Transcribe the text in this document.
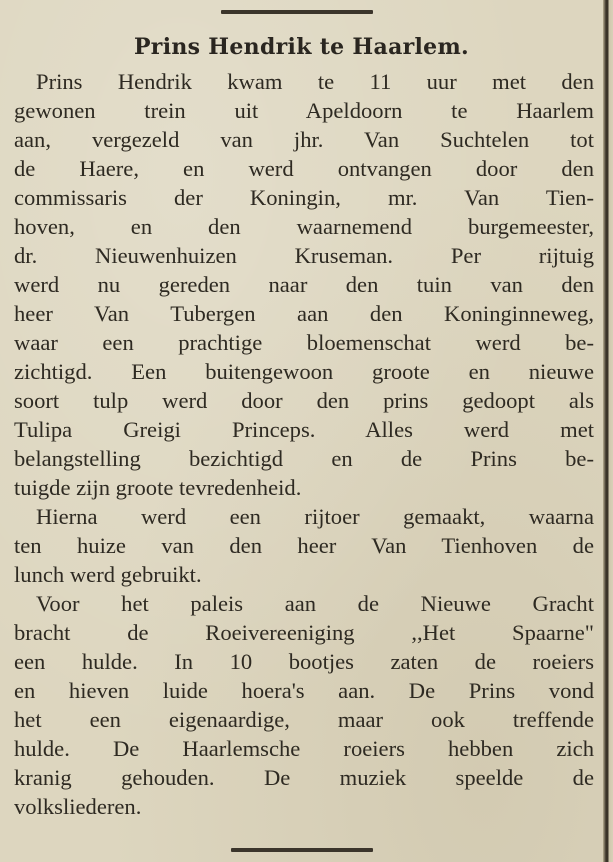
Prins Hendrik te Haarlem.
Prins Hendrik kwam te 11 uur met den
gewonen trein uit Apeldoorn te Haarlem
aan, vergezeld van jhr. Van Suchtelen tot
de Haere, en werd ontvangen door den
commissaris der Koningin, mr. Van Tien-
hoven, en den waarnemend burgemeester,
dr. Nieuwenhuizen Kruseman. Per rijtuig
werd nu gereden naar den tuin van den
heer Van Tubergen aan den Koninginneweg,
waar een prachtige bloemenschat werd be-
zichtigd. Een buitengewoon groote en nieuwe
soort tulp werd door den prins gedoopt als
Tulipa Greigi Princeps. Alles werd met
belangstelling bezichtigd en de Prins be-
tuigde zijn groote tevredenheid.
Hierna werd een rijtoer gemaakt, waarna
ten huize van den heer Van Tienhoven de
lunch werd gebruikt.
Voor het paleis aan de Nieuwe Gracht
bracht de Roeivereeniging ,,Het Spaarne"
een hulde. In 10 bootjes zaten de roeiers
en hieven luide hoera's aan. De Prins vond
het een eigenaardige, maar ook treffende
hulde. De Haarlemsche roeiers hebben zich
kranig gehouden. De muziek speelde de
volksliederen.
